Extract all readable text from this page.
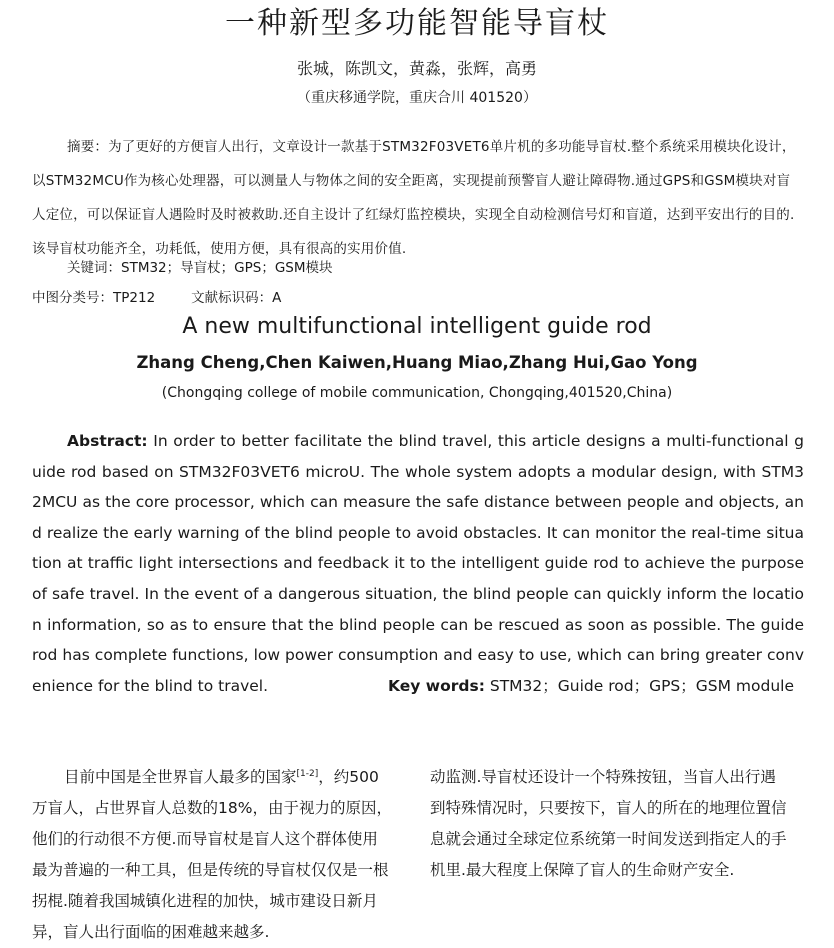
一种新型多功能智能导盲杖
张城，陈凯文，黄淼，张辉，高勇
（重庆移通学院，重庆合川 401520）

摘要：为了更好的方便盲人出行，文章设计一款基于STM32F03VET6单片机的多功能导盲杖.整个系统采用模块化设计，以STM32MCU作为核心处理器，可以测量人与物体之间的安全距离，实现提前预警盲人避让障碍物.通过GPS和GSM模块对盲人定位，可以保证盲人遇险时及时被救助.还自主设计了红绿灯监控模块，实现全自动检测信号灯和盲道，达到平安出行的目的.该导盲杖功能齐全，功耗低，使用方便，具有很高的实用价值.

关键词：STM32；导盲杖；GPS；GSM模块
中图分类号：TP212	文献标识码：A
A new multifunctional intelligent guide rod
Zhang Cheng,Chen Kaiwen,Huang Miao,Zhang Hui,Gao Yong
(Chongqing college of mobile communication, Chongqing,401520,China)

Abstract: In order to better facilitate the blind travel, this article designs a multi-functional guide rod based on STM32F03VET6 microU. The whole system adopts a modular design, with STM32MCU as the core processor, which can measure the safe distance between people and objects, and realize the early warning of the blind people to avoid obstacles. It can monitor the real-time situation at traffic light intersections and feedback it to the intelligent guide rod to achieve the purpose of safe travel. In the event of a dangerous situation, the blind people can quickly inform the location information, so as to ensure that the blind people can be rescued as soon as possible. The guide rod has complete functions, low power consumption and easy to use, which can bring greater convenience for the blind to travel.	Key words: STM32；Guide rod；GPS；GSM module

目前中国是全世界盲人最多的国家[1-2]，约500万盲人，占世界盲人总数的18%，由于视力的原因，他们的行动很不方便.而导盲杖是盲人这个群体使用最为普遍的一种工具，但是传统的导盲杖仅仅是一根拐棍.随着我国城镇化进程的加快，城市建设日新月异，盲人出行面临的困难越来越多.

动监测.导盲杖还设计一个特殊按钮，当盲人出行遇到特殊情况时，只要按下，盲人的所在的地理位置信息就会通过全球定位系统第一时间发送到指定人的手机里.最大程度上保障了盲人的生命财产安全.
